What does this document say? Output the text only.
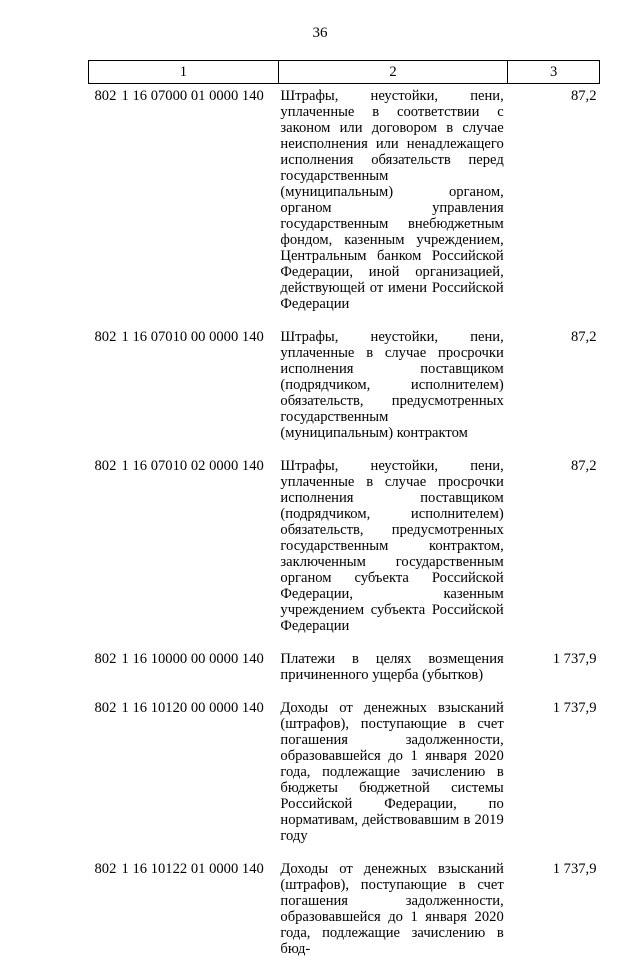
36
1	2	3
802 1 16 07000 01 0000 140	Штрафы, неустойки, пени, уплаченные в соответствии с законом или договором в случае неисполнения или ненадлежащего исполнения обязательств перед государственным (муниципальным) органом, органом управления государственным внебюджетным фондом, казенным учреждением, Центральным банком Российской Федерации, иной организацией, действующей от имени Российской Федерации	87,2
802 1 16 07010 00 0000 140	Штрафы, неустойки, пени, уплаченные в случае просрочки исполнения поставщиком (подрядчиком, исполнителем) обязательств, предусмотренных государственным (муниципальным) контрактом	87,2
802 1 16 07010 02 0000 140	Штрафы, неустойки, пени, уплаченные в случае просрочки исполнения поставщиком (подрядчиком, исполнителем) обязательств, предусмотренных государственным контрактом, заключенным государственным органом субъекта Российской Федерации, казенным учреждением субъекта Российской Федерации	87,2
802 1 16 10000 00 0000 140	Платежи в целях возмещения причиненного ущерба (убытков)	1 737,9
802 1 16 10120 00 0000 140	Доходы от денежных взысканий (штрафов), поступающие в счет погашения задолженности, образовавшейся до 1 января 2020 года, подлежащие зачислению в бюджеты бюджетной системы Российской Федерации, по нормативам, действовавшим в 2019 году	1 737,9
802 1 16 10122 01 0000 140	Доходы от денежных взысканий (штрафов), поступающие в счет погашения задолженности, образовавшейся до 1 января 2020 года, подлежащие зачислению в бюд-	1 737,9
